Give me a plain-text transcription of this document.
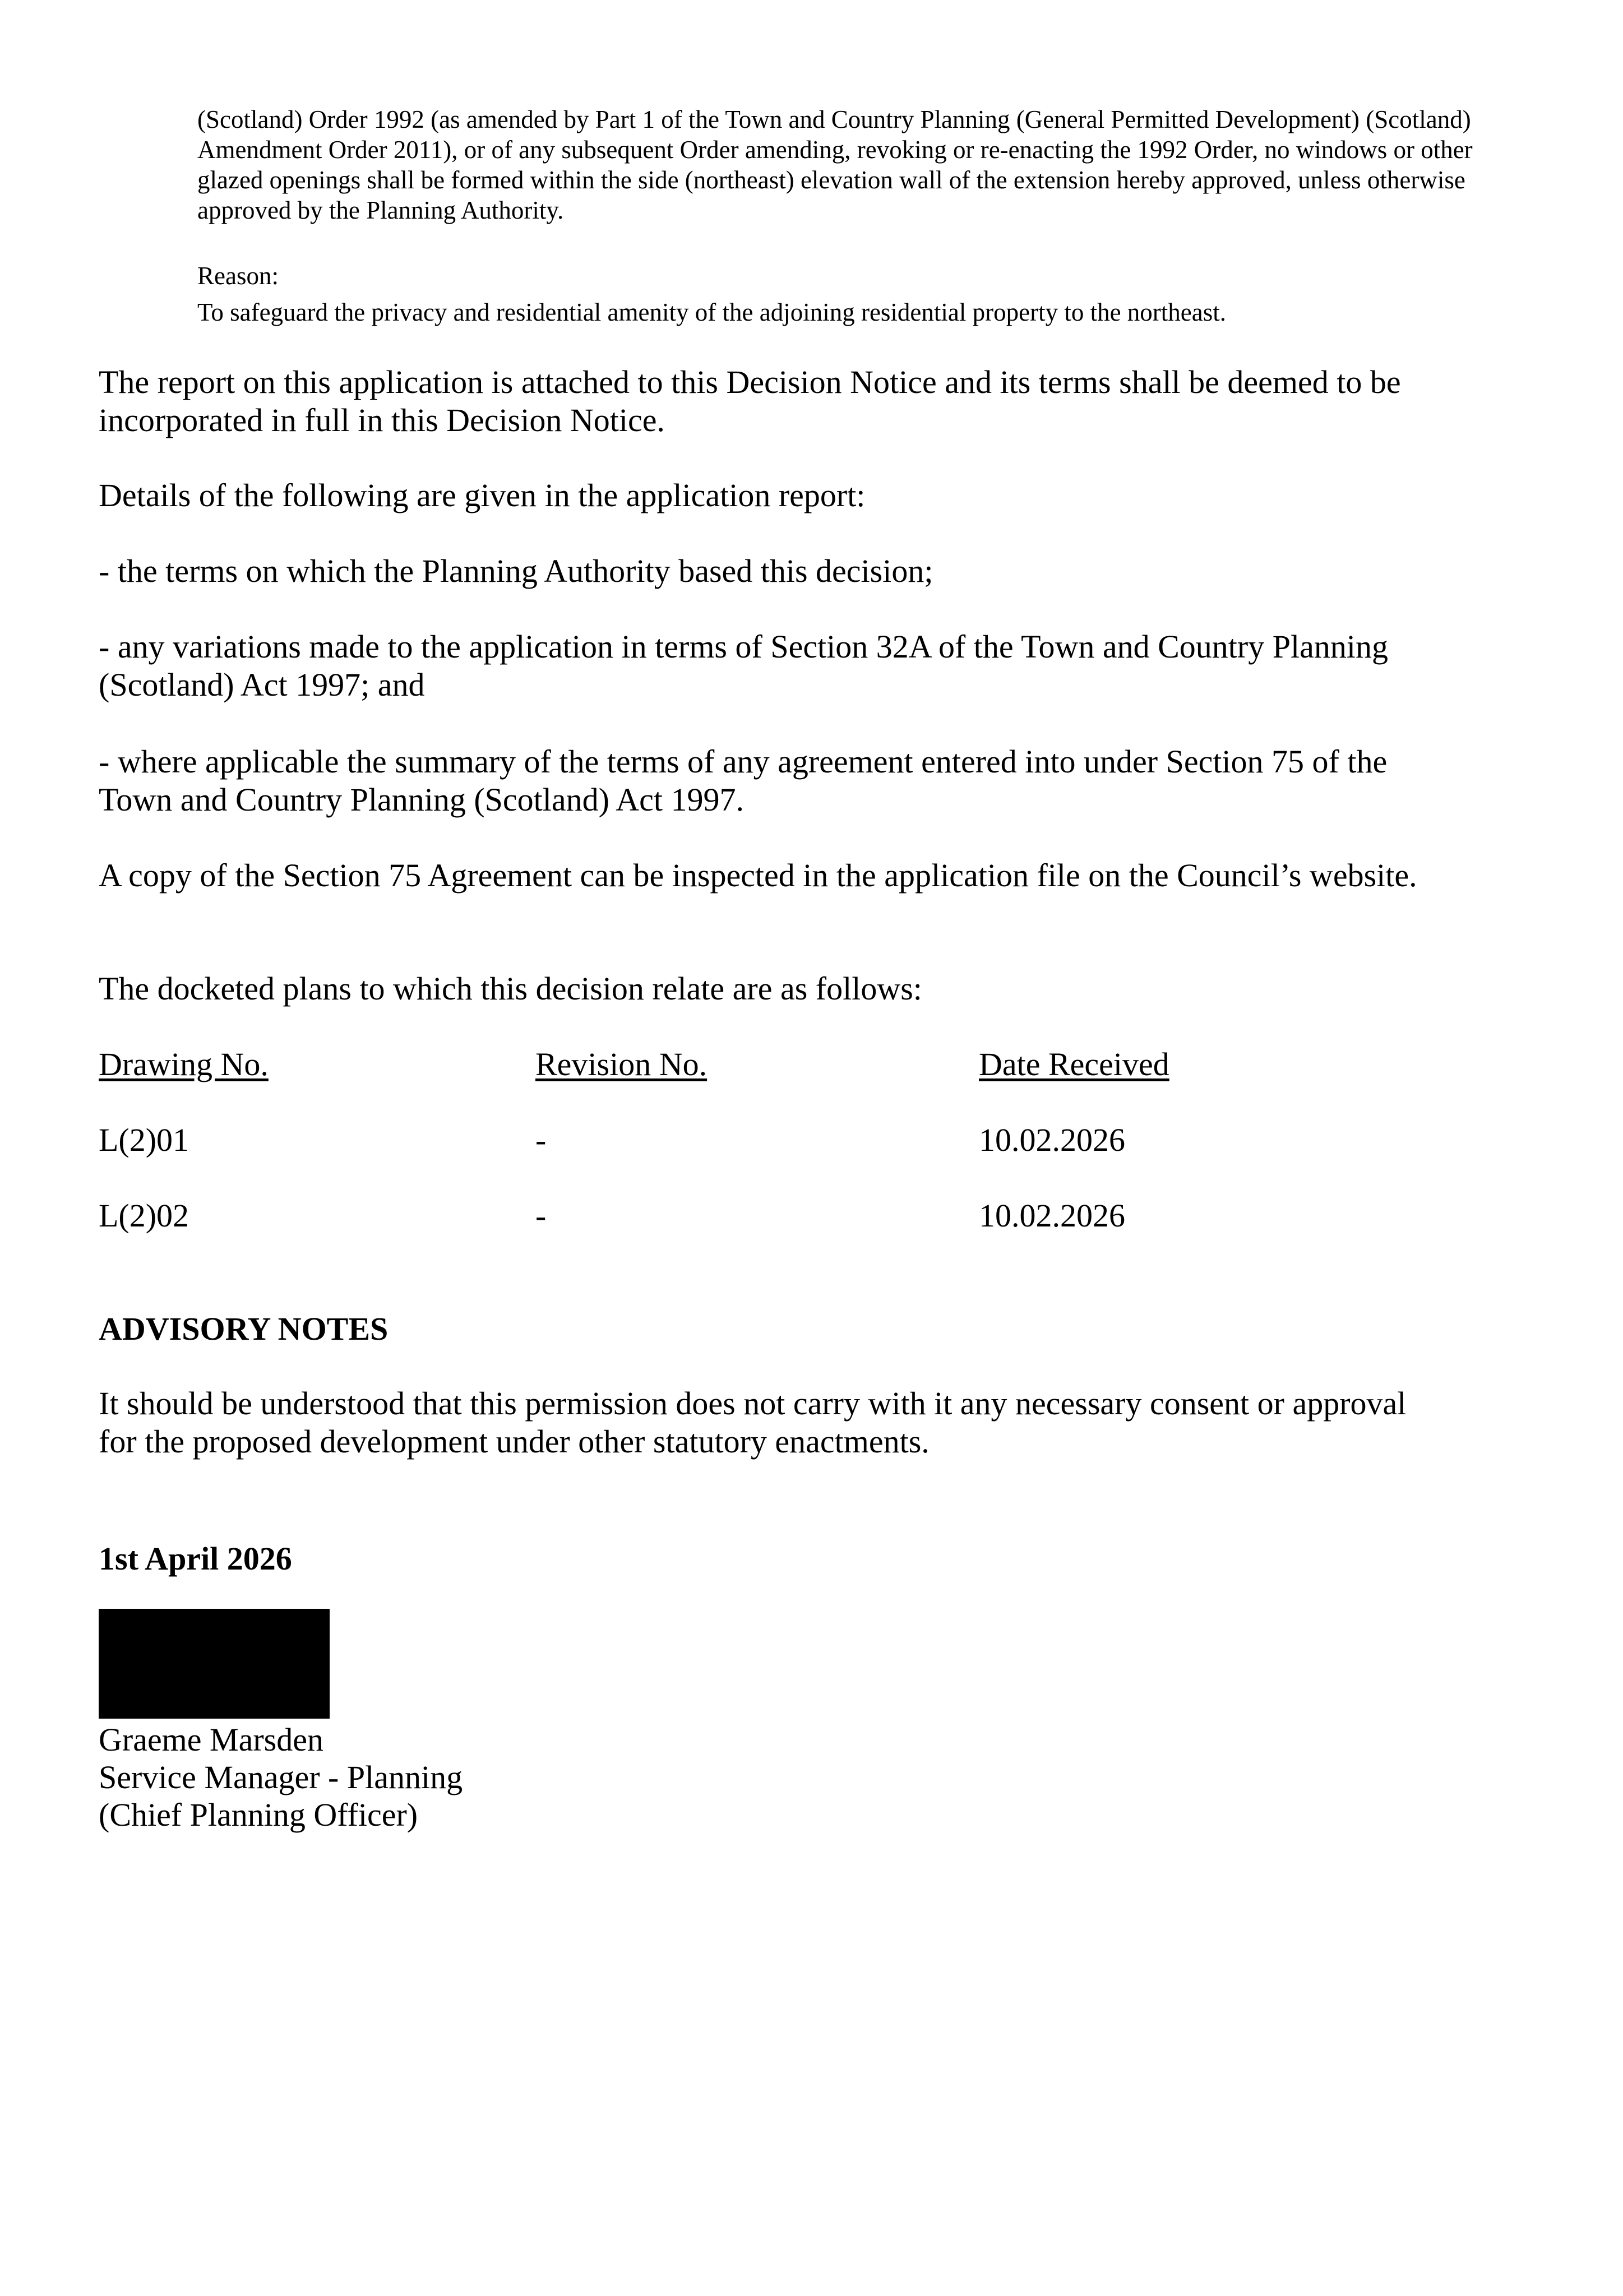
(Scotland) Order 1992 (as amended by Part 1 of the Town and Country Planning (General Permitted Development) (Scotland) Amendment Order 2011), or of any subsequent Order amending, revoking or re-enacting the 1992 Order, no windows or other glazed openings shall be formed within the side (northeast) elevation wall of the extension hereby approved, unless otherwise approved by the Planning Authority.
Reason:
To safeguard the privacy and residential amenity of the adjoining residential property to the northeast.
The report on this application is attached to this Decision Notice and its terms shall be deemed to be incorporated in full in this Decision Notice.
Details of the following are given in the application report:
- the terms on which the Planning Authority based this decision;
- any variations made to the application in terms of Section 32A of the Town and Country Planning (Scotland) Act 1997; and
- where applicable the summary of the terms of any agreement entered into under Section 75 of the Town and Country Planning (Scotland) Act 1997.
A copy of the Section 75 Agreement can be inspected in the application file on the Council’s website.
The docketed plans to which this decision relate are as follows:
Drawing No.	Revision No.	Date Received
L(2)01	-	10.02.2026
L(2)02	-	10.02.2026
ADVISORY NOTES
It should be understood that this permission does not carry with it any necessary consent or approval for the proposed development under other statutory enactments.
1st April 2026
Graeme Marsden
Service Manager - Planning
(Chief Planning Officer)
